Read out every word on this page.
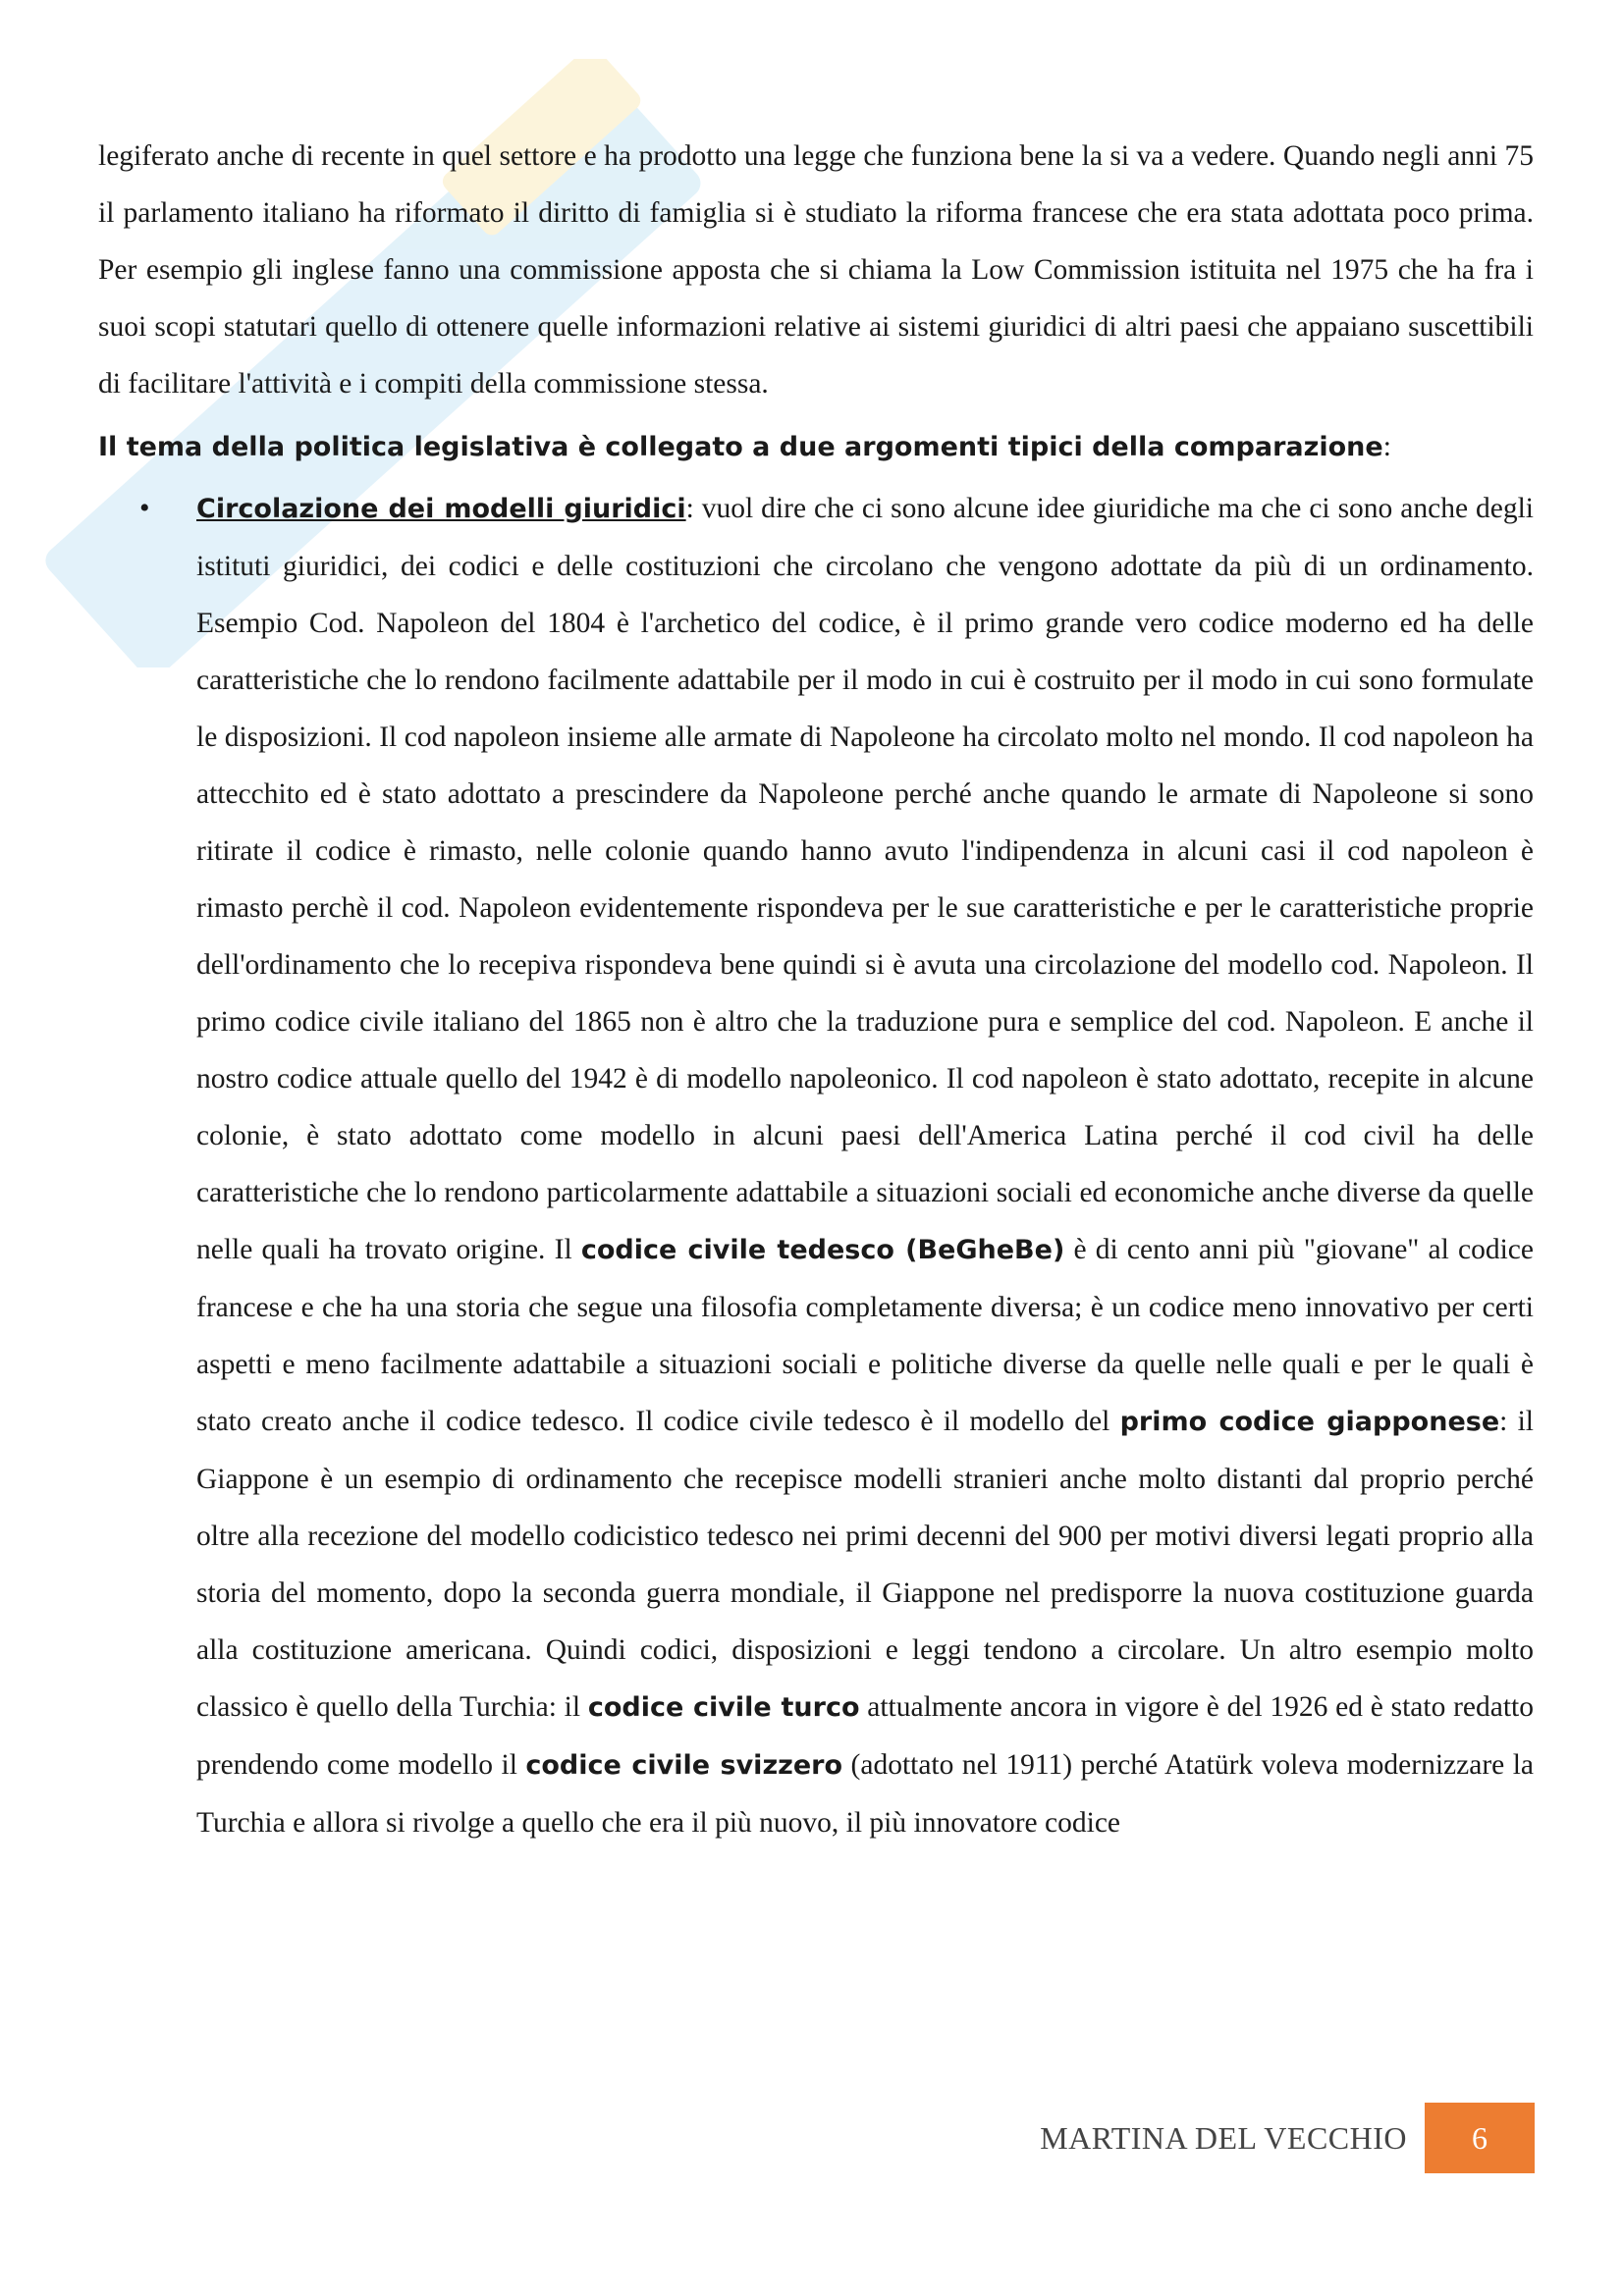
legiferato anche di recente in quel settore e ha prodotto una legge che funziona bene la si va a vedere. Quando negli anni 75 il parlamento italiano ha riformato il diritto di famiglia si è studiato la riforma francese che era stata adottata poco prima. Per esempio gli inglese fanno una commissione apposta che si chiama la Low Commission istituita nel 1975 che ha fra i suoi scopi statutari quello di ottenere quelle informazioni relative ai sistemi giuridici di altri paesi che appaiano suscettibili di facilitare l'attività e i compiti della commissione stessa.

Il tema della politica legislativa è collegato a due argomenti tipici della comparazione:

• Circolazione dei modelli giuridici: vuol dire che ci sono alcune idee giuridiche ma che ci sono anche degli istituti giuridici, dei codici e delle costituzioni che circolano che vengono adottate da più di un ordinamento. Esempio Cod. Napoleon del 1804 è l'archetico del codice, è il primo grande vero codice moderno ed ha delle caratteristiche che lo rendono facilmente adattabile per il modo in cui è costruito per il modo in cui sono formulate le disposizioni. Il cod napoleon insieme alle armate di Napoleone ha circolato molto nel mondo. Il cod napoleon ha attecchito ed è stato adottato a prescindere da Napoleone perché anche quando le armate di Napoleone si sono ritirate il codice è rimasto, nelle colonie quando hanno avuto l'indipendenza in alcuni casi il cod napoleon è rimasto perchè il cod. Napoleon evidentemente rispondeva per le sue caratteristiche e per le caratteristiche proprie dell'ordinamento che lo recepiva rispondeva bene quindi si è avuta una circolazione del modello cod. Napoleon. Il primo codice civile italiano del 1865 non è altro che la traduzione pura e semplice del cod. Napoleon. E anche il nostro codice attuale quello del 1942 è di modello napoleonico. Il cod napoleon è stato adottato, recepite in alcune colonie, è stato adottato come modello in alcuni paesi dell'America Latina perché il cod civil ha delle caratteristiche che lo rendono particolarmente adattabile a situazioni sociali ed economiche anche diverse da quelle nelle quali ha trovato origine. Il codice civile tedesco (BeGheBe) è di cento anni più "giovane" al codice francese e che ha una storia che segue una filosofia completamente diversa; è un codice meno innovativo per certi aspetti e meno facilmente adattabile a situazioni sociali e politiche diverse da quelle nelle quali e per le quali è stato creato anche il codice tedesco. Il codice civile tedesco è il modello del primo codice giapponese: il Giappone è un esempio di ordinamento che recepisce modelli stranieri anche molto distanti dal proprio perché oltre alla recezione del modello codicistico tedesco nei primi decenni del 900 per motivi diversi legati proprio alla storia del momento, dopo la seconda guerra mondiale, il Giappone nel predisporre la nuova costituzione guarda alla costituzione americana. Quindi codici, disposizioni e leggi tendono a circolare. Un altro esempio molto classico è quello della Turchia: il codice civile turco attualmente ancora in vigore è del 1926 ed è stato redatto prendendo come modello il codice civile svizzero (adottato nel 1911) perché Atatürk voleva modernizzare la Turchia e allora si rivolge a quello che era il più nuovo, il più innovatore codice
MARTINA DEL VECCHIO	6
